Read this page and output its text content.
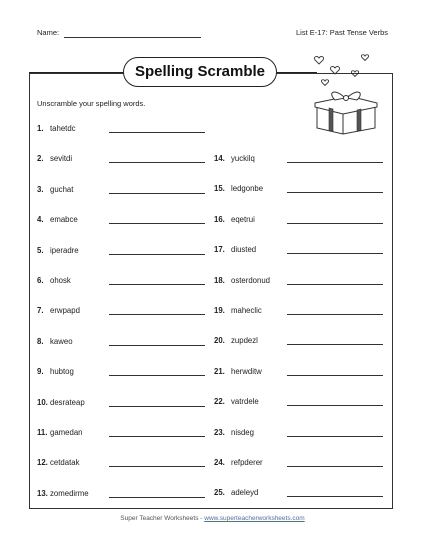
Name:	List E-17: Past Tense Verbs
Spelling Scramble
Unscramble your spelling words.
1. tahetdc
2. sevitdi
3. guchat
4. emabce
5. iperadre
6. ohosk
7. erwpapd
8. kaweo
9. hubtog
10. desrateap
11. gamedan
12. cetdatak
13. zomedirme
14. yuckilq
15. ledgonbe
16. eqetrui
17. diusted
18. osterdonud
19. maheclic
20. zupdezl
21. herwditw
22. vatrdele
23. nisdeg
24. refpderer
25. adeleyd
Super Teacher Worksheets - www.superteacherworksheets.com
